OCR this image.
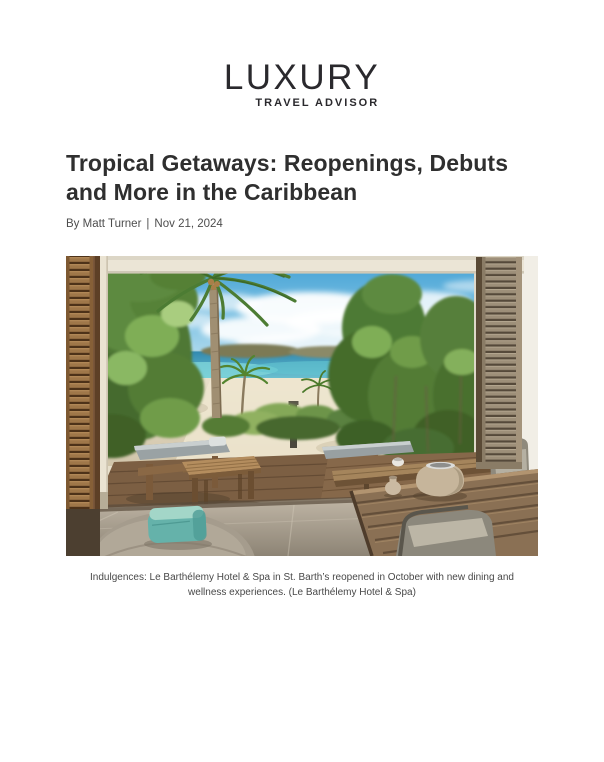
LUXURY
TRAVEL ADVISOR
Tropical Getaways: Reopenings, Debuts and More in the Caribbean
By Matt Turner | Nov 21, 2024
Indulgences: Le Barthélemy Hotel & Spa in St. Barth’s reopened in October with new dining and wellness experiences. (Le Barthélemy Hotel & Spa)
